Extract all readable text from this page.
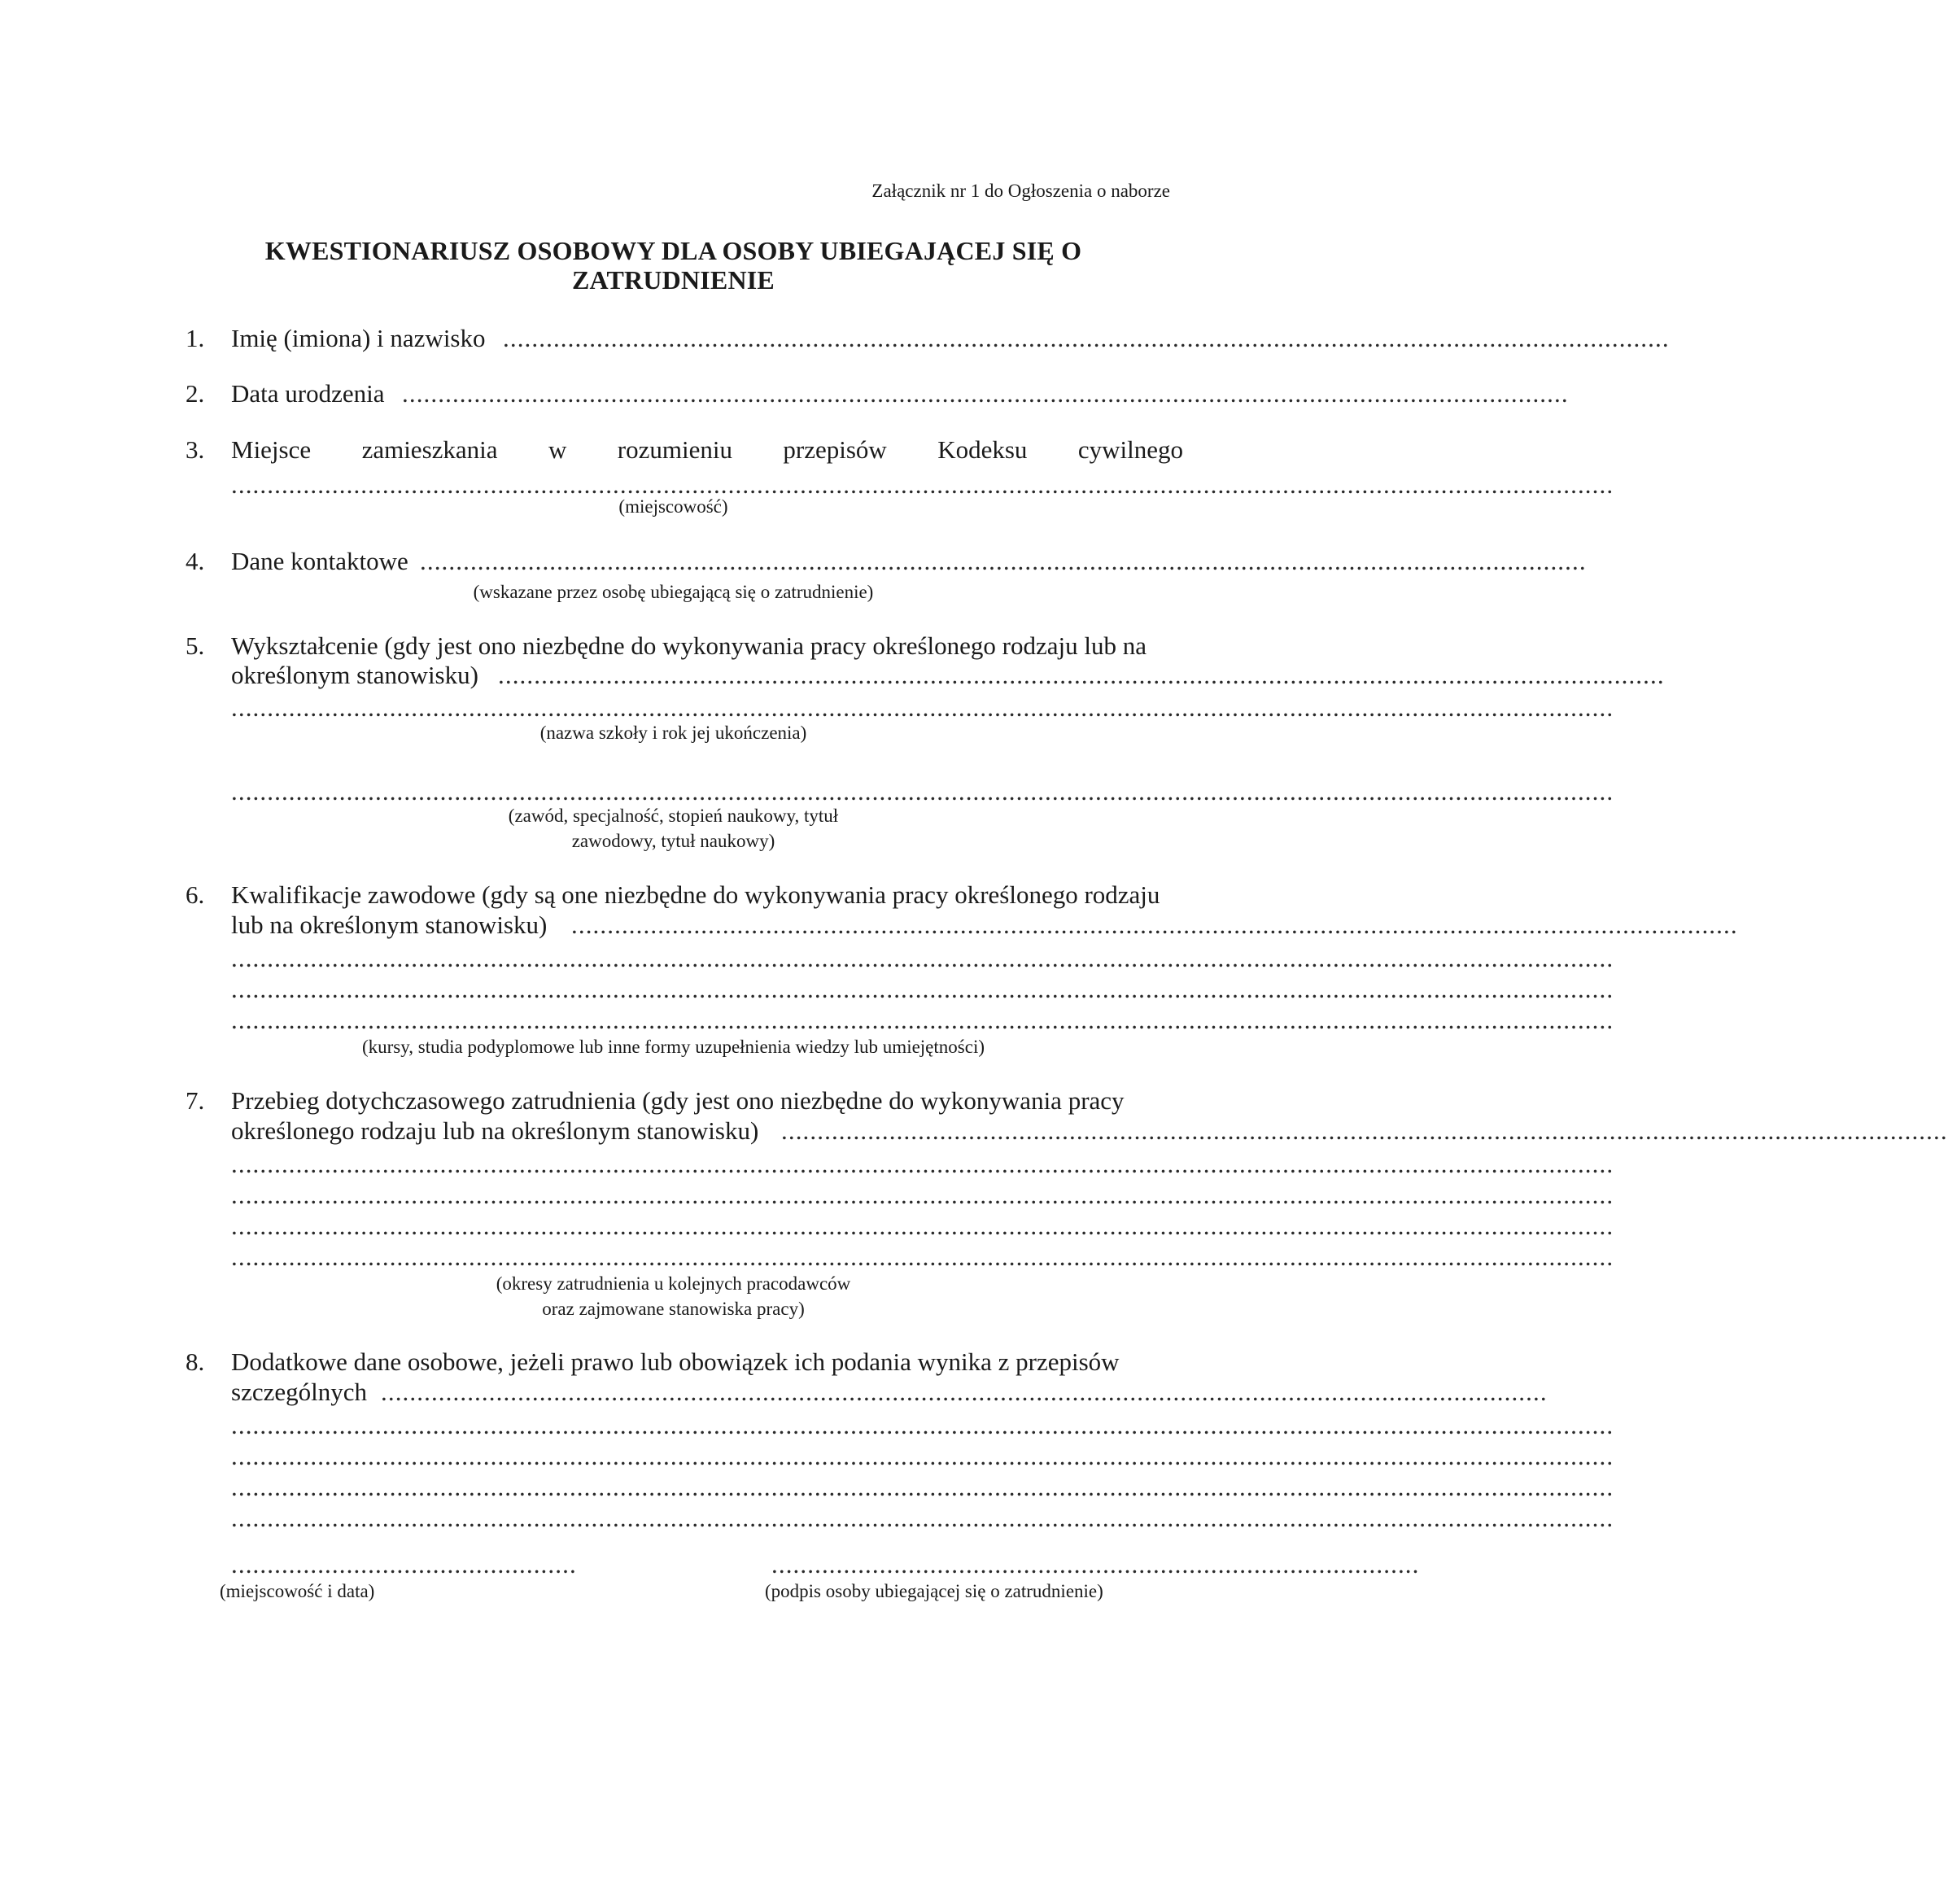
Załącznik nr 1 do Ogłoszenia o naborze
KWESTIONARIUSZ OSOBOWY DLA OSOBY UBIEGAJĄCEJ SIĘ O
ZATRUDNIENIE
1. Imię (imiona) i nazwisko ..................................................................................................................................................................
2. Data urodzenia ..................................................................................................................................................................
3. Miejsce zamieszkania w rozumieniu przepisów Kodeksu cywilnego
................................................................................................................................................................................................
(miejscowość)
4. Dane kontaktowe ..................................................................................................................................................................
(wskazane przez osobę ubiegającą się o zatrudnienie)
5. Wykształcenie (gdy jest ono niezbędne do wykonywania pracy określonego rodzaju lub na
określonym stanowisku) ..................................................................................................................................................................
................................................................................................................................................................................................
(nazwa szkoły i rok jej ukończenia)
................................................................................................................................................................................................
(zawód, specjalność, stopień naukowy, tytuł
zawodowy, tytuł naukowy)
6. Kwalifikacje zawodowe (gdy są one niezbędne do wykonywania pracy określonego rodzaju
lub na określonym stanowisku) ..................................................................................................................................................................
................................................................................................................................................................................................
................................................................................................................................................................................................
................................................................................................................................................................................................
(kursy, studia podyplomowe lub inne formy uzupełnienia wiedzy lub umiejętności)
7. Przebieg dotychczasowego zatrudnienia (gdy jest ono niezbędne do wykonywania pracy
określonego rodzaju lub na określonym stanowisku) ..................................................................................................................................................................
................................................................................................................................................................................................
................................................................................................................................................................................................
................................................................................................................................................................................................
................................................................................................................................................................................................
(okresy zatrudnienia u kolejnych pracodawców
oraz zajmowane stanowiska pracy)
8. Dodatkowe dane osobowe, jeżeli prawo lub obowiązek ich podania wynika z przepisów
szczególnych ..................................................................................................................................................................
................................................................................................................................................................................................
................................................................................................................................................................................................
................................................................................................................................................................................................
................................................................................................................................................................................................
................................................
(miejscowość i data)
..........................................................................................
(podpis osoby ubiegającej się o zatrudnienie)
